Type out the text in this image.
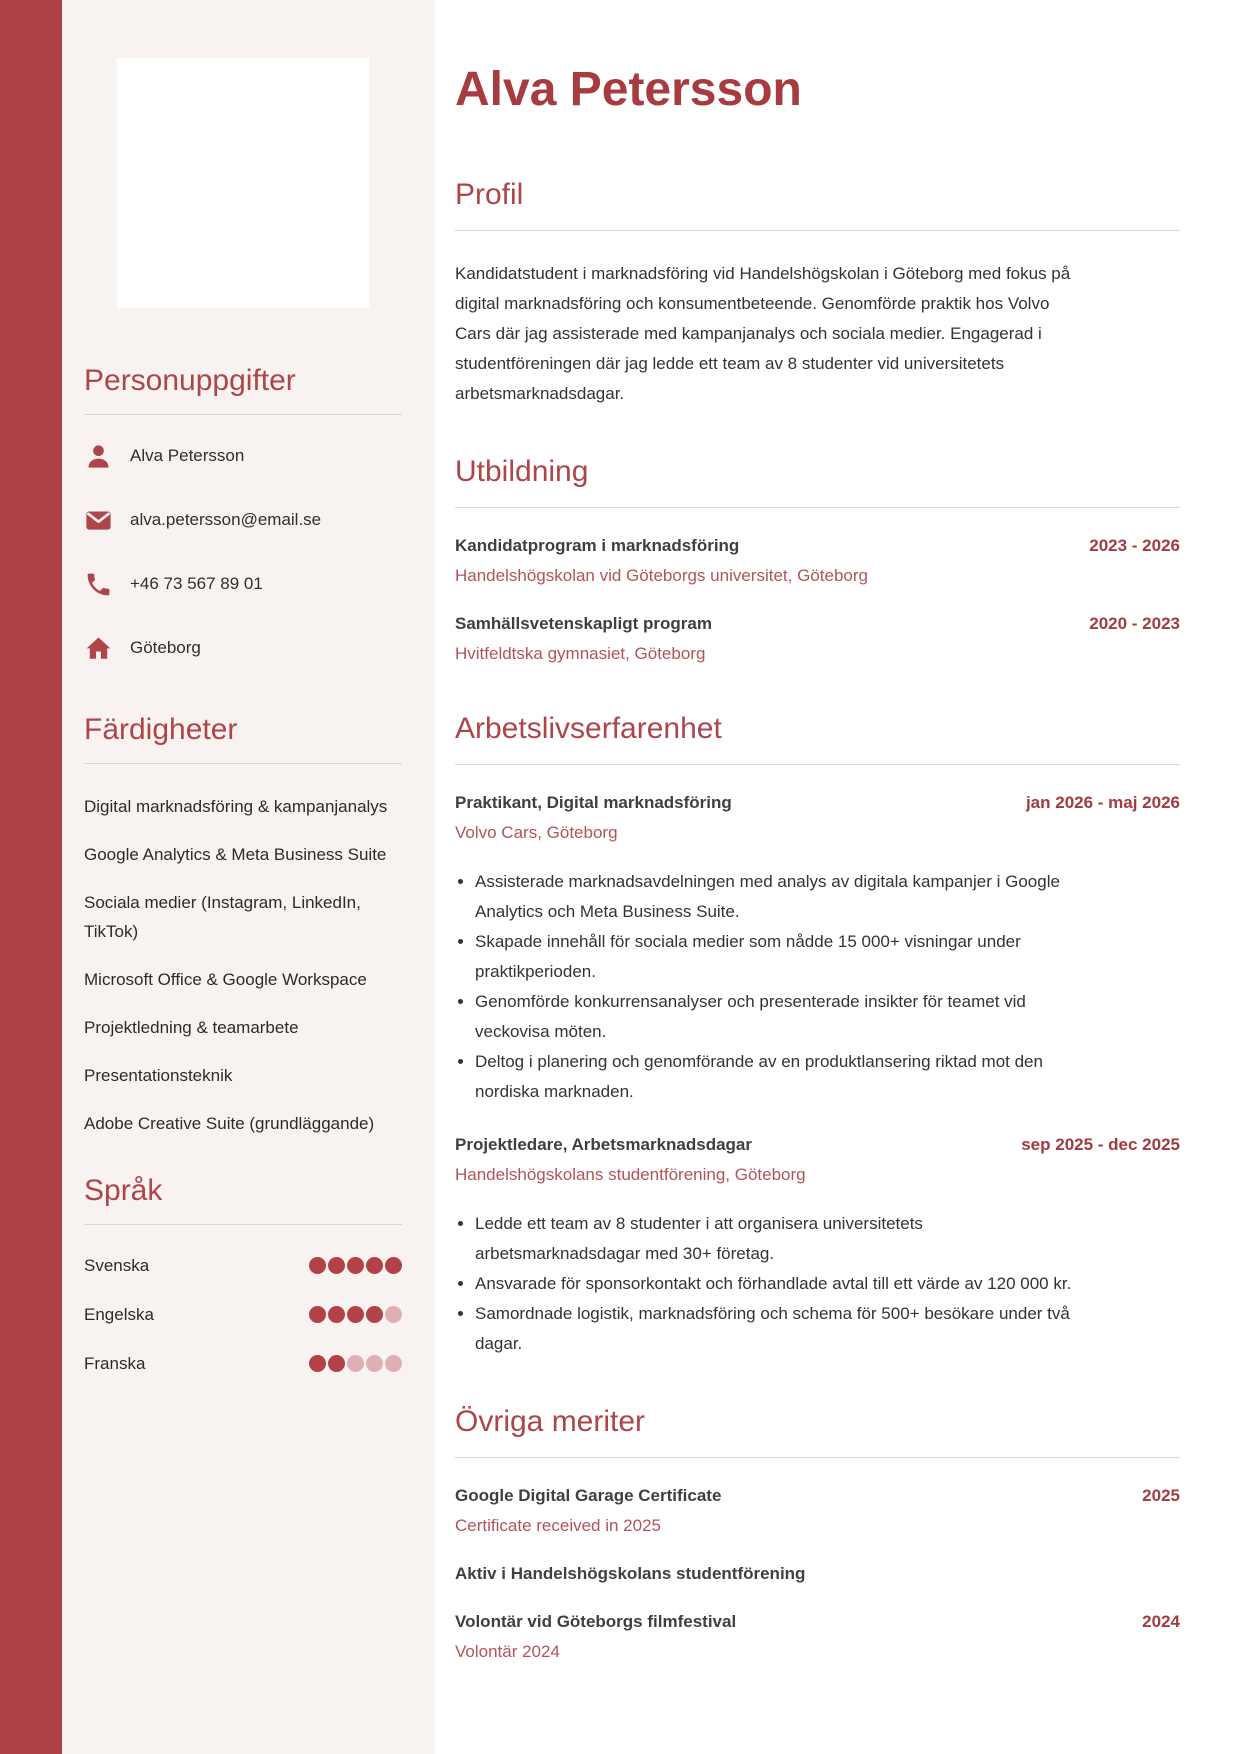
Personuppgifter
Alva Petersson
alva.petersson@email.se
+46 73 567 89 01
Göteborg
Färdigheter
Digital marknadsföring & kampanjanalys
Google Analytics & Meta Business Suite
Sociala medier (Instagram, LinkedIn, TikTok)
Microsoft Office & Google Workspace
Projektledning & teamarbete
Presentationsteknik
Adobe Creative Suite (grundläggande)
Språk
Svenska
Engelska
Franska
Alva Petersson
Profil

Kandidatstudent i marknadsföring vid Handelshögskolan i Göteborg med fokus på digital marknadsföring och konsumentbeteende. Genomförde praktik hos Volvo Cars där jag assisterade med kampanjanalys och sociala medier. Engagerad i studentföreningen där jag ledde ett team av 8 studenter vid universitetets arbetsmarknadsdagar.

Utbildning
Kandidatprogram i marknadsföring	2023 - 2026
Handelshögskolan vid Göteborgs universitet, Göteborg
Samhällsvetenskapligt program	2020 - 2023
Hvitfeldtska gymnasiet, Göteborg
Arbetslivserfarenhet
Praktikant, Digital marknadsföring	jan 2026 - maj 2026
Volvo Cars, Göteborg
• Assisterade marknadsavdelningen med analys av digitala kampanjer i Google Analytics och Meta Business Suite.
• Skapade innehåll för sociala medier som nådde 15 000+ visningar under praktikperioden.
• Genomförde konkurrensanalyser och presenterade insikter för teamet vid veckovisa möten.
• Deltog i planering och genomförande av en produktlansering riktad mot den nordiska marknaden.
Projektledare, Arbetsmarknadsdagar	sep 2025 - dec 2025
Handelshögskolans studentförening, Göteborg
• Ledde ett team av 8 studenter i att organisera universitetets arbetsmarknadsdagar med 30+ företag.
• Ansvarade för sponsorkontakt och förhandlade avtal till ett värde av 120 000 kr.
• Samordnade logistik, marknadsföring och schema för 500+ besökare under två dagar.
Övriga meriter
Google Digital Garage Certificate	2025
Certificate received in 2025
Aktiv i Handelshögskolans studentförening
Volontär vid Göteborgs filmfestival	2024
Volontär 2024
